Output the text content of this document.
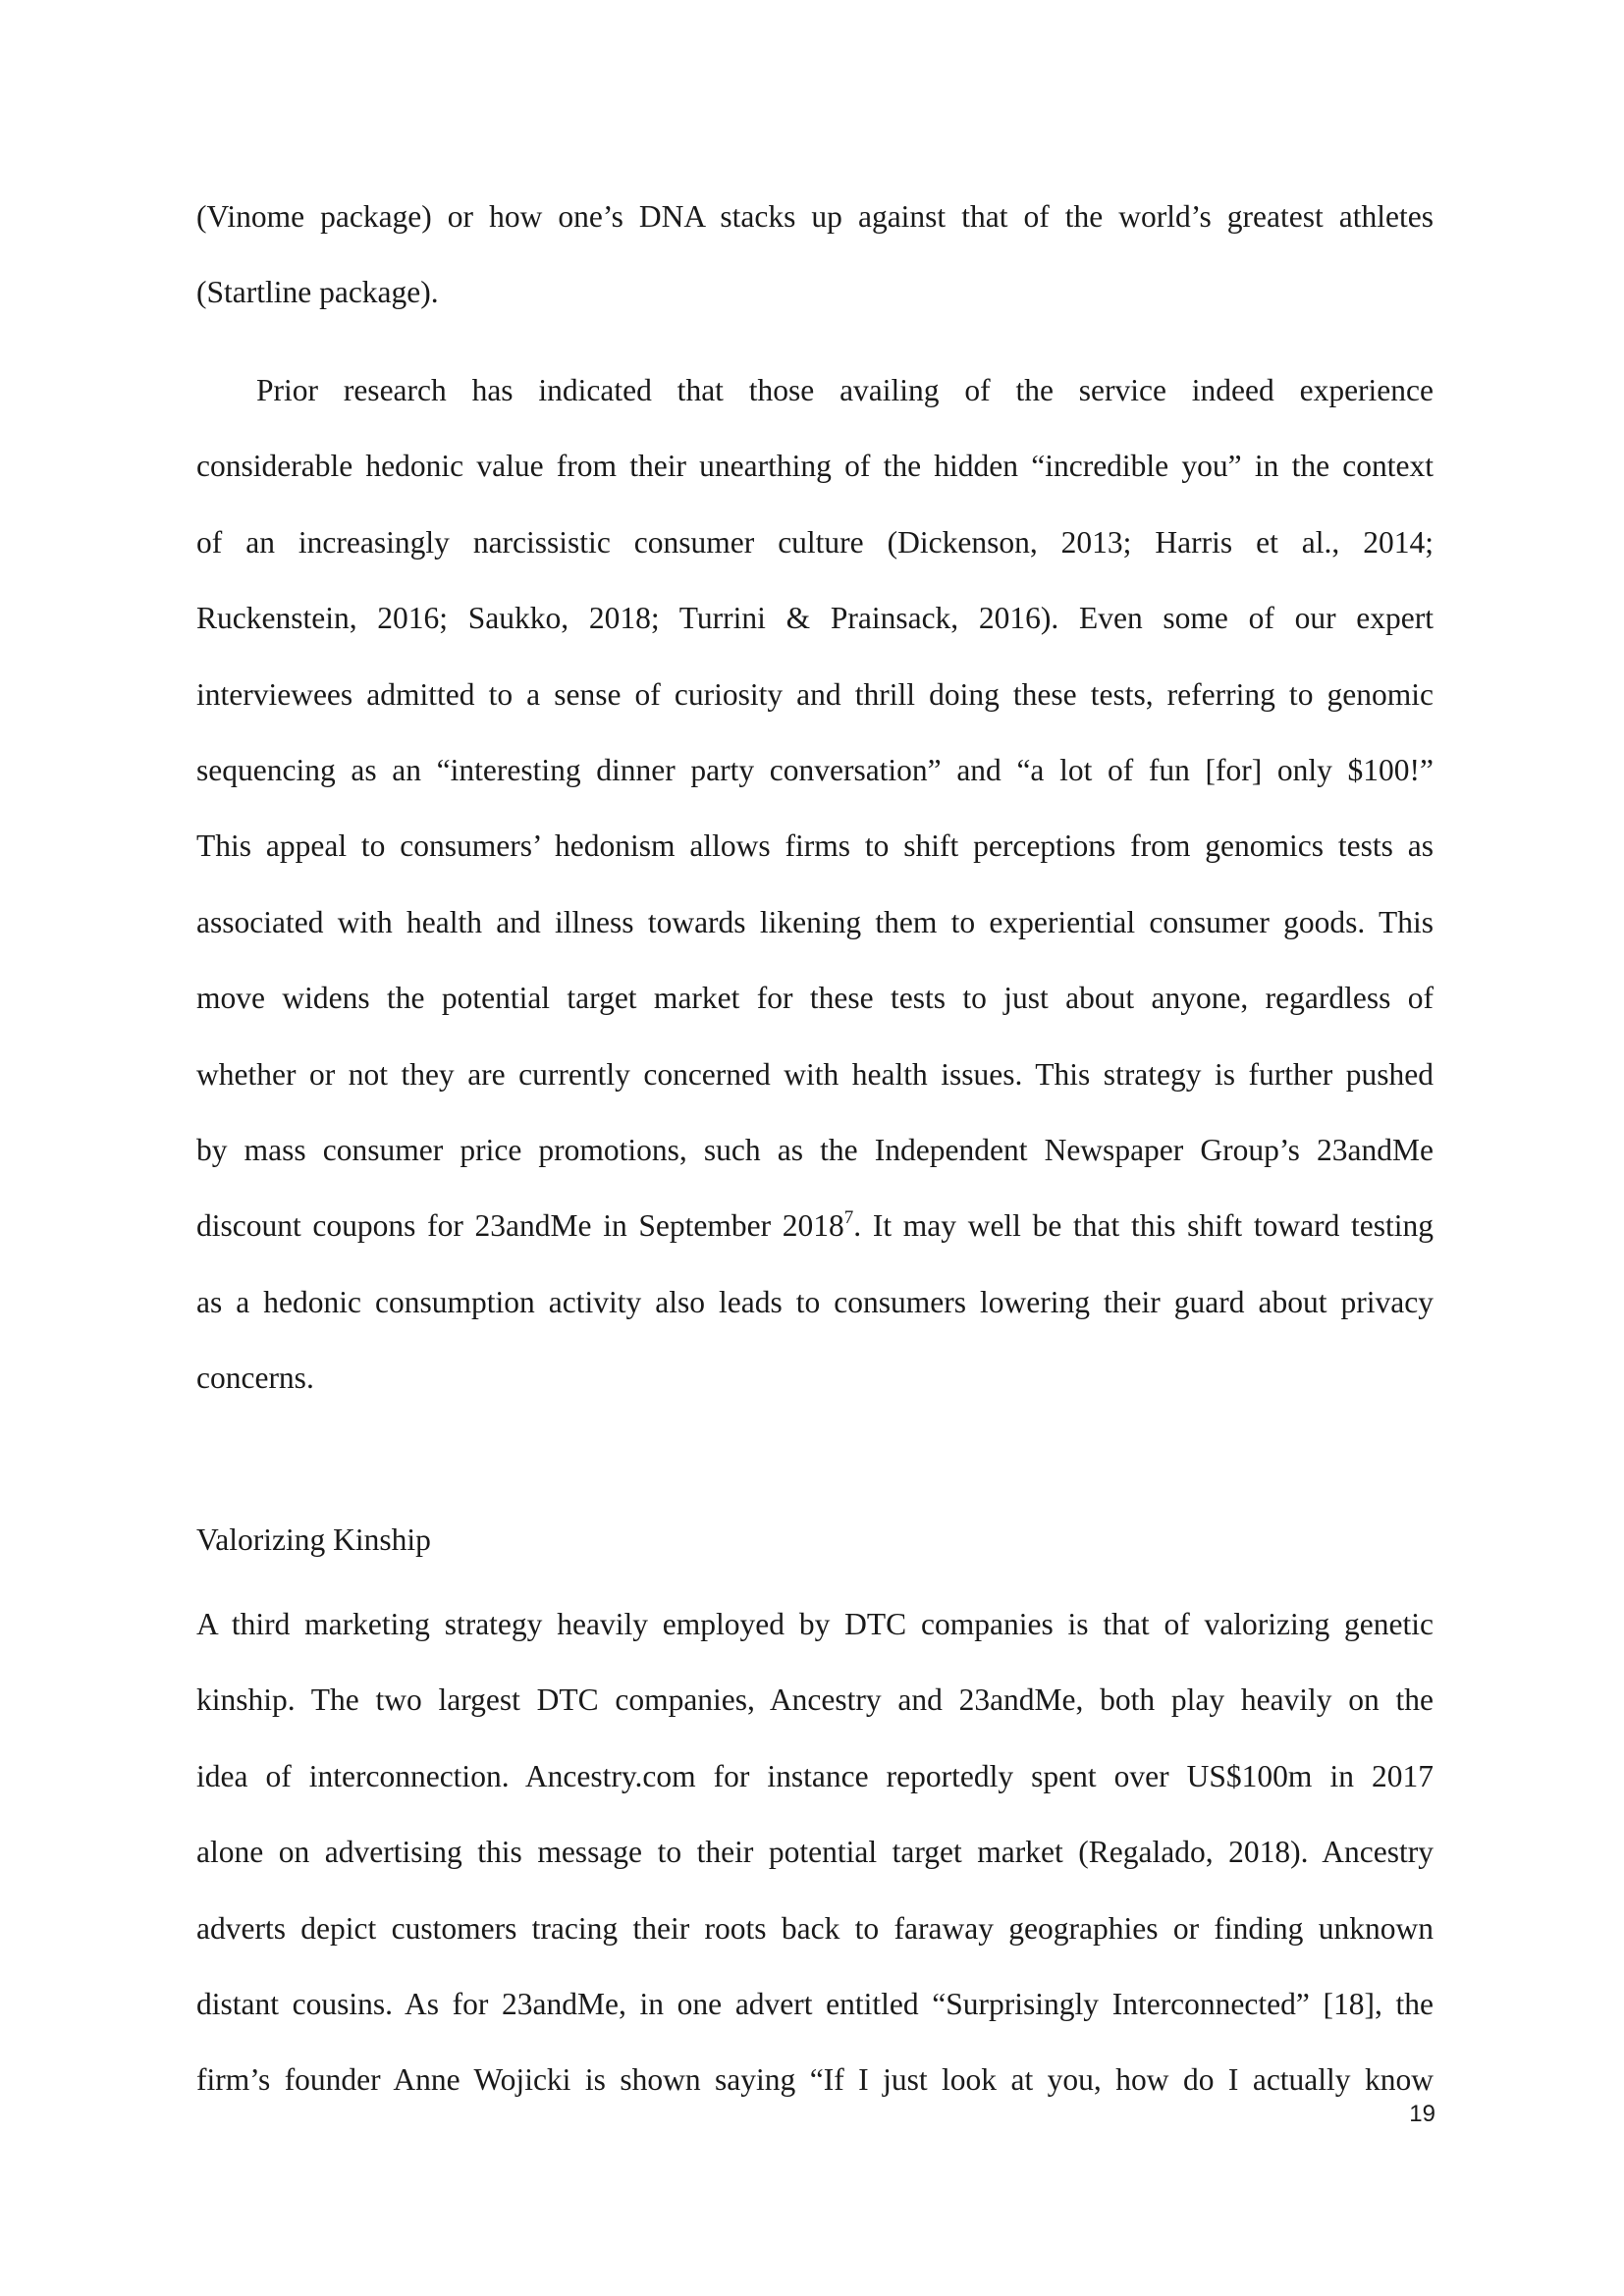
(Vinome package) or how one’s DNA stacks up against that of the world’s greatest athletes
(Startline package).
Prior research has indicated that those availing of the service indeed experience
considerable hedonic value from their unearthing of the hidden “incredible you” in the context
of an increasingly narcissistic consumer culture (Dickenson, 2013; Harris et al., 2014;
Ruckenstein, 2016; Saukko, 2018; Turrini & Prainsack, 2016). Even some of our expert
interviewees admitted to a sense of curiosity and thrill doing these tests, referring to genomic
sequencing as an “interesting dinner party conversation” and “a lot of fun [for] only $100!”
This appeal to consumers’ hedonism allows firms to shift perceptions from genomics tests as
associated with health and illness towards likening them to experiential consumer goods. This
move widens the potential target market for these tests to just about anyone, regardless of
whether or not they are currently concerned with health issues. This strategy is further pushed
by mass consumer price promotions, such as the Independent Newspaper Group’s 23andMe
discount coupons for 23andMe in September 2018$^7$. It may well be that this shift toward testing
as a hedonic consumption activity also leads to consumers lowering their guard about privacy
concerns.
Valorizing Kinship
A third marketing strategy heavily employed by DTC companies is that of valorizing genetic
kinship. The two largest DTC companies, Ancestry and 23andMe, both play heavily on the
idea of interconnection. Ancestry.com for instance reportedly spent over US$100m in 2017
alone on advertising this message to their potential target market (Regalado, 2018). Ancestry
adverts depict customers tracing their roots back to faraway geographies or finding unknown
distant cousins. As for 23andMe, in one advert entitled “Surprisingly Interconnected” [18], the
firm’s founder Anne Wojicki is shown saying “If I just look at you, how do I actually know
19
